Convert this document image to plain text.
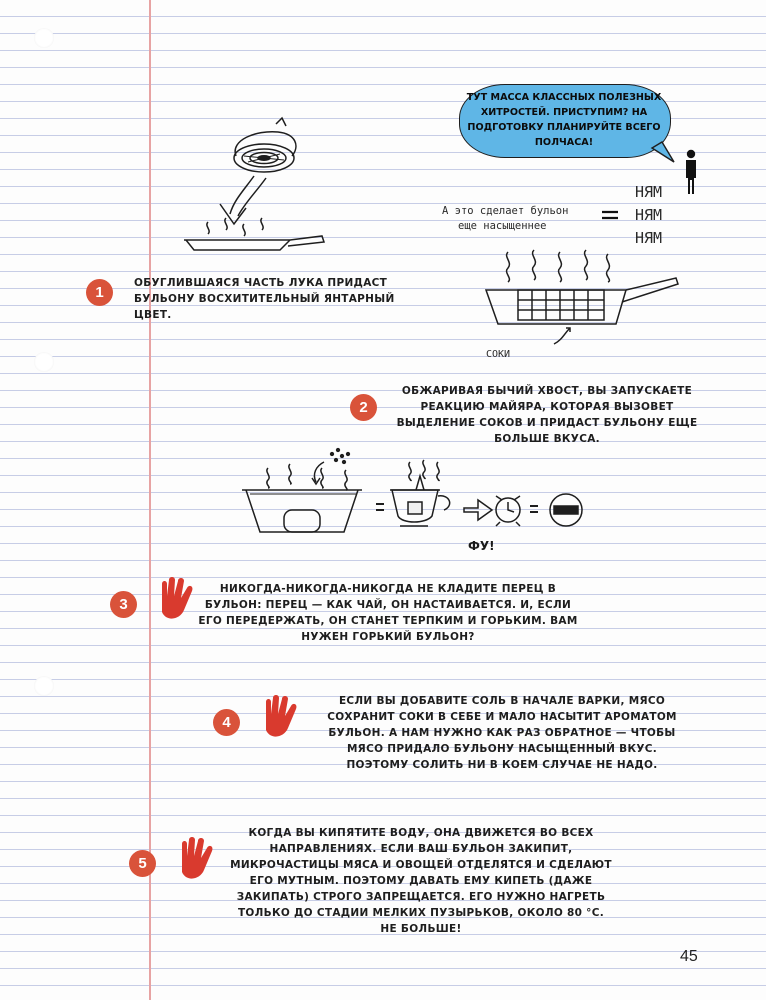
ТУТ МАССА КЛАССНЫХ ПОЛЕЗНЫХ ХИТРОСТЕЙ. ПРИСТУПИМ? НА ПОДГОТОВКУ ПЛАНИРУЙТЕ ВСЕГО ПОЛЧАСА!
1
ОБУГЛИВШАЯСЯ ЧАСТЬ ЛУКА ПРИДАСТ БУЛЬОНУ ВОСХИТИТЕЛЬНЫЙ ЯНТАРНЫЙ ЦВЕТ.
А это сделает бульон
еще насыщеннее
НЯМ
НЯМ
НЯМ
СОКИ
2
ОБЖАРИВАЯ БЫЧИЙ ХВОСТ, ВЫ ЗАПУСКАЕТЕ РЕАКЦИЮ МАЙЯРА, КОТОРАЯ ВЫЗОВЕТ ВЫДЕЛЕНИЕ СОКОВ И ПРИДАСТ БУЛЬОНУ ЕЩЕ БОЛЬШЕ ВКУСА.
ФУ!
3
НИКОГДА-НИКОГДА-НИКОГДА НЕ КЛАДИТЕ ПЕРЕЦ В БУЛЬОН: ПЕРЕЦ — КАК ЧАЙ, ОН НАСТАИВАЕТСЯ. И, ЕСЛИ ЕГО ПЕРЕДЕРЖАТЬ, ОН СТАНЕТ ТЕРПКИМ И ГОРЬКИМ. ВАМ НУЖЕН ГОРЬКИЙ БУЛЬОН?
4
ЕСЛИ ВЫ ДОБАВИТЕ СОЛЬ В НАЧАЛЕ ВАРКИ, МЯСО СОХРАНИТ СОКИ В СЕБЕ И МАЛО НАСЫТИТ АРОМАТОМ БУЛЬОН. А НАМ НУЖНО КАК РАЗ ОБРАТНОЕ — ЧТОБЫ МЯСО ПРИДАЛО БУЛЬОНУ НАСЫЩЕННЫЙ ВКУС. ПОЭТОМУ СОЛИТЬ НИ В КОЕМ СЛУЧАЕ НЕ НАДО.
5
КОГДА ВЫ КИПЯТИТЕ ВОДУ, ОНА ДВИЖЕТСЯ ВО ВСЕХ НАПРАВЛЕНИЯХ. ЕСЛИ ВАШ БУЛЬОН ЗАКИПИТ, МИКРОЧАСТИЦЫ МЯСА И ОВОЩЕЙ ОТДЕЛЯТСЯ И СДЕЛАЮТ ЕГО МУТНЫМ. ПОЭТОМУ ДАВАТЬ ЕМУ КИПЕТЬ (ДАЖЕ ЗАКИПАТЬ) СТРОГО ЗАПРЕЩАЕТСЯ. ЕГО НУЖНО НАГРЕТЬ ТОЛЬКО ДО СТАДИИ МЕЛКИХ ПУЗЫРЬКОВ, ОКОЛО 80 °С. НЕ БОЛЬШЕ!
45
